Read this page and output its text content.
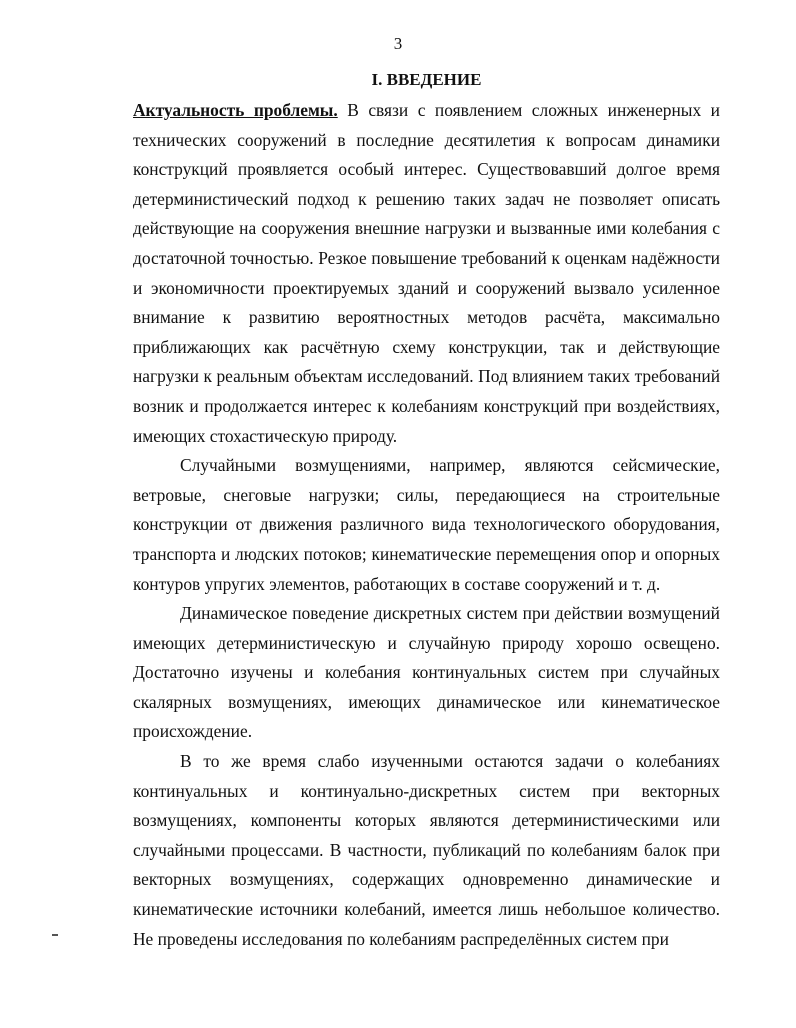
3
I. ВВЕДЕНИЕ

Актуальность проблемы. В связи с появлением сложных инженерных и технических сооружений в последние десятилетия к вопросам динамики конструкций проявляется особый интерес. Существовавший долгое время детерминистический подход к решению таких задач не позволяет описать действующие на сооружения внешние нагрузки и вызванные ими колебания с достаточной точностью. Резкое повышение требований к оценкам надёжности и экономичности проектируемых зданий и сооружений вызвало усиленное внимание к развитию вероятностных методов расчёта, максимально приближающих как расчётную схему конструкции, так и действующие нагрузки к реальным объектам исследований. Под влиянием таких требований возник и продолжается интерес к колебаниям конструкций при воздействиях, имеющих стохастическую природу.

Случайными возмущениями, например, являются сейсмические, ветровые, снеговые нагрузки; силы, передающиеся на строительные конструкции от движения различного вида технологического оборудования, транспорта и людских потоков; кинематические перемещения опор и опорных контуров упругих элементов, работающих в составе сооружений и т. д.

Динамическое поведение дискретных систем при действии возмущений имеющих детерминистическую и случайную природу хорошо освещено. Достаточно изучены и колебания континуальных систем при случайных скалярных возмущениях, имеющих динамическое или кинематическое происхождение.

В то же время слабо изученными остаются задачи о колебаниях континуальных и континуально-дискретных систем при векторных возмущениях, компоненты которых являются детерминистическими или случайными процессами. В частности, публикаций по колебаниям балок при векторных возмущениях, содержащих одновременно динамические и кинематические источники колебаний, имеется лишь небольшое количество. Не проведены исследования по колебаниям распределённых систем при
